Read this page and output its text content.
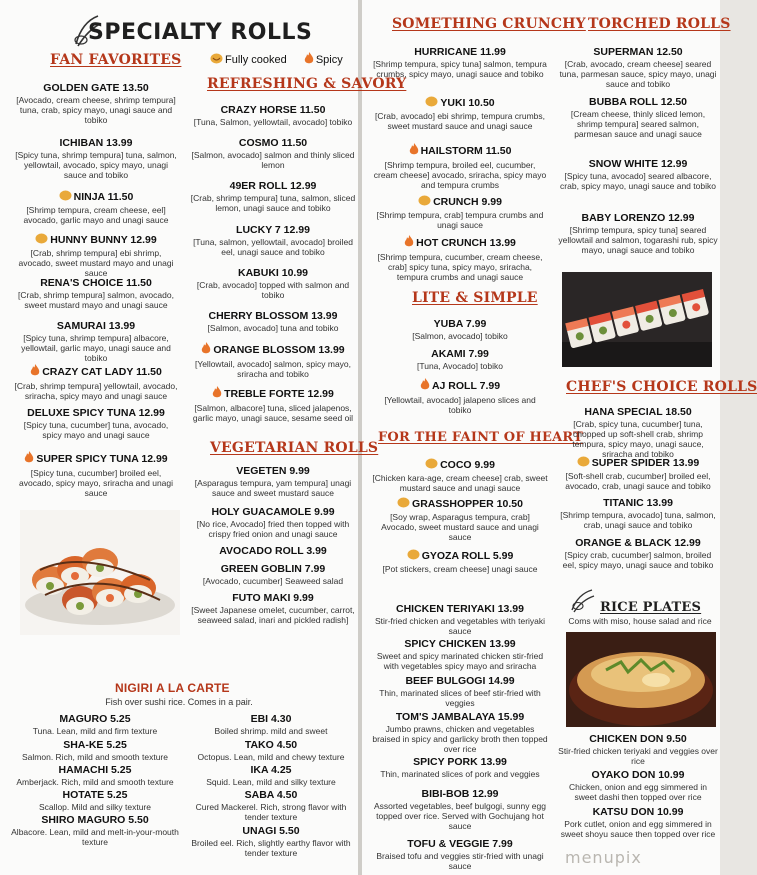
SPECIALTY ROLLS
FAN FAVORITES	Fully cooked	Spicy
REFRESHING & SAVORY
GOLDEN GATE 13.50
[Avocado, cream cheese, shrimp tempura] tuna, crab, spicy mayo, unagi sauce and tobiko
ICHIBAN 13.99
[Spicy tuna, shrimp tempura] tuna, salmon, yellowtail, avocado, spicy mayo, unagi sauce and tobiko
NINJA 11.50
[Shrimp tempura, cream cheese, eel] avocado, garlic mayo and unagi sauce
HUNNY BUNNY 12.99
[Crab, shrimp tempura] ebi shrimp, avocado, sweet mustard mayo and unagi sauce
RENA'S CHOICE 11.50
[Crab, shrimp tempura] salmon, avocado, sweet mustard mayo and unagi sauce
SAMURAI 13.99
[Spicy tuna, shrimp tempura] albacore, yellowtail, garlic mayo, unagi sauce and tobiko
CRAZY CAT LADY 11.50
[Crab, shrimp tempura] yellowtail, avocado, sriracha, spicy mayo and unagi sauce
DELUXE SPICY TUNA 12.99
[Spicy tuna, cucumber] tuna, avocado, spicy mayo and unagi sauce
SUPER SPICY TUNA 12.99
[Spicy tuna, cucumber] broiled eel, avocado, spicy mayo, sriracha and unagi sauce
CRAZY HORSE 11.50
[Tuna, Salmon, yellowtail, avocado] tobiko
COSMO 11.50
[Salmon, avocado] salmon and thinly sliced lemon
49ER ROLL 12.99
[Crab, shrimp tempura] tuna, salmon, sliced lemon, unagi sauce and tobiko
LUCKY 7 12.99
[Tuna, salmon, yellowtail, avocado] broiled eel, unagi sauce and tobiko
KABUKI 10.99
[Crab, avocado] topped with salmon and tobiko
CHERRY BLOSSOM 13.99
[Salmon, avocado] tuna and tobiko
ORANGE BLOSSOM 13.99
[Yellowtail, avocado] salmon, spicy mayo, sriracha and tobiko
TREBLE FORTE 12.99
[Salmon, albacore] tuna, sliced jalapenos, garlic mayo, unagi sauce, sesame seed oil
VEGETARIAN ROLLS
VEGETEN 9.99
[Asparagus tempura, yam tempura] unagi sauce and sweet mustard sauce
HOLY GUACAMOLE 9.99
[No rice, Avocado] fried then topped with crispy fried onion and unagi sauce
AVOCADO ROLL 3.99
GREEN GOBLIN 7.99
[Avocado, cucumber] Seaweed salad
FUTO MAKI 9.99
[Sweet Japanese omelet, cucumber, carrot, seaweed salad, inari and pickled radish]
NIGIRI A LA CARTE
Fish over sushi rice. Comes in a pair.
MAGURO 5.25
Tuna. Lean, mild and firm texture
SHA-KE 5.25
Salmon. Rich, mild and smooth texture
HAMACHI 5.25
Amberjack. Rich, mild and smooth texture
HOTATE 5.25
Scallop. Mild and silky texture
SHIRO MAGURO 5.50
Albacore. Lean, mild and melt-in-your-mouth texture
EBI 4.30
Boiled shrimp. mild and sweet
TAKO 4.50
Octopus. Lean, mild and chewy texture
IKA 4.25
Squid. Lean, mild and silky texture
SABA 4.50
Cured Mackerel. Rich, strong flavor with tender texture
UNAGI 5.50
Broiled eel. Rich, slightly earthy flavor with tender texture
SOMETHING CRUNCHY TORCHED ROLLS
HURRICANE 11.99
[Shrimp tempura, spicy tuna] salmon, tempura crumbs, spicy mayo, unagi sauce and tobiko
YUKI 10.50
[Crab, avocado] ebi shrimp, tempura crumbs, sweet mustard sauce and unagi sauce
HAILSTORM 11.50
[Shrimp tempura, broiled eel, cucumber, cream cheese] avocado, sriracha, spicy mayo and tempura crumbs
CRUNCH 9.99
[Shrimp tempura, crab] tempura crumbs and unagi sauce
HOT CRUNCH 13.99
[Shrimp tempura, cucumber, cream cheese, crab] spicy tuna, spicy mayo, sriracha, tempura crumbs and unagi sauce
LITE & SIMPLE
YUBA 7.99
[Salmon, avocado] tobiko
AKAMI 7.99
[Tuna, Avocado] tobiko
AJ ROLL 7.99
[Yellowtail, avocado] jalapeno slices and tobiko
FOR THE FAINT OF HEART
COCO 9.99
[Chicken kara-age, cream cheese] crab, sweet mustard sauce and unagi sauce
GRASSHOPPER 10.50
[Soy wrap, Asparagus tempura, crab] Avocado, sweet mustard sauce and unagi sauce
GYOZA ROLL 5.99
[Pot stickers, cream cheese] unagi sauce
CHICKEN TERIYAKI 13.99
Stir-fried chicken and vegetables with teriyaki sauce
SPICY CHICKEN 13.99
Sweet and spicy marinated chicken stir-fried with vegetables spicy mayo and sriracha
BEEF BULGOGI 14.99
Thin, marinated slices of beef stir-fried with veggies
TOM'S JAMBALAYA 15.99
Jumbo prawns, chicken and vegetables braised in spicy and garlicky broth then topped over rice
SPICY PORK 13.99
Thin, marinated slices of pork and veggies
BIBI-BOB 12.99
Assorted vegetables, beef bulgogi, sunny egg topped over rice. Served with Gochujang hot sauce
TOFU & VEGGIE 7.99
Braised tofu and veggies stir-fried with unagi sauce
SUPERMAN 12.50
[Crab, avocado, cream cheese] seared tuna, parmesan sauce, spicy mayo, unagi sauce and tobiko
BUBBA ROLL 12.50
[Cream cheese, thinly sliced lemon, shrimp tempura] seared salmon, parmesan sauce and unagi sauce
SNOW WHITE 12.99
[Spicy tuna, avocado] seared albacore, crab, spicy mayo, unagi sauce and tobiko
BABY LORENZO 12.99
[Shrimp tempura, spicy tuna] seared yellowtail and salmon, togarashi rub, spicy mayo, unagi sauce and tobiko
CHEF'S CHOICE ROLLS
HANA SPECIAL 18.50
[Crab, spicy tuna, cucumber] tuna, chopped up soft-shell crab, shrimp tempura, spicy mayo, unagi sauce, sriracha and tobiko
SUPER SPIDER 13.99
[Soft-shell crab, cucumber] broiled eel, avocado, crab, unagi sauce and tobiko
TITANIC 13.99
[Shrimp tempura, avocado] tuna, salmon, crab, unagi sauce and tobiko
ORANGE & BLACK 12.99
[Spicy crab, cucumber] salmon, broiled eel, spicy mayo, unagi sauce and tobiko
RICE PLATES
Coms with miso, house salad and rice
CHICKEN DON 9.50
Stir-fried chicken teriyaki and veggies over rice
OYAKO DON 10.99
Chicken, onion and egg simmered in sweet dashi then topped over rice
KATSU DON 10.99
Pork cutlet, onion and egg simmered in sweet shoyu sauce then topped over rice
menupix
